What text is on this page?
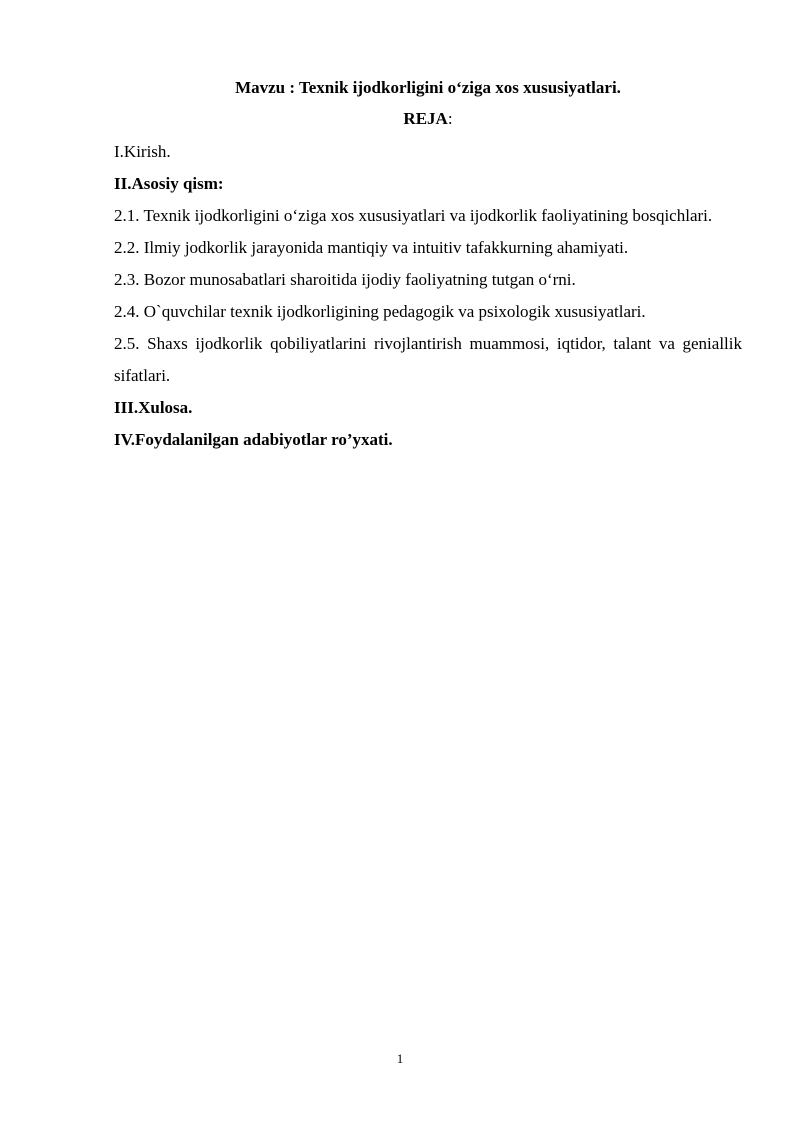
Mavzu : Texnik ijodkorligini o‘ziga xos xususiyatlari.

REJA:

I.Kirish.

II.Asosiy qism:

2.1. Texnik ijodkorligini o‘ziga xos xususiyatlari va ijodkorlik faoliyatining bosqichlari.

2.2. Ilmiy jodkorlik jarayonida mantiqiy va intuitiv tafakkurning ahamiyati.

2.3. Bozor munosabatlari sharoitida ijodiy faoliyatning tutgan o‘rni.

2.4. O`quvchilar texnik ijodkorligining pedagogik va psixologik xususiyatlari.

2.5. Shaxs ijodkorlik qobiliyatlarini rivojlantirish muammosi, iqtidor, talant va geniallik sifatlari.

III.Xulosa.

IV.Foydalanilgan adabiyotlar ro’yxati.

1
